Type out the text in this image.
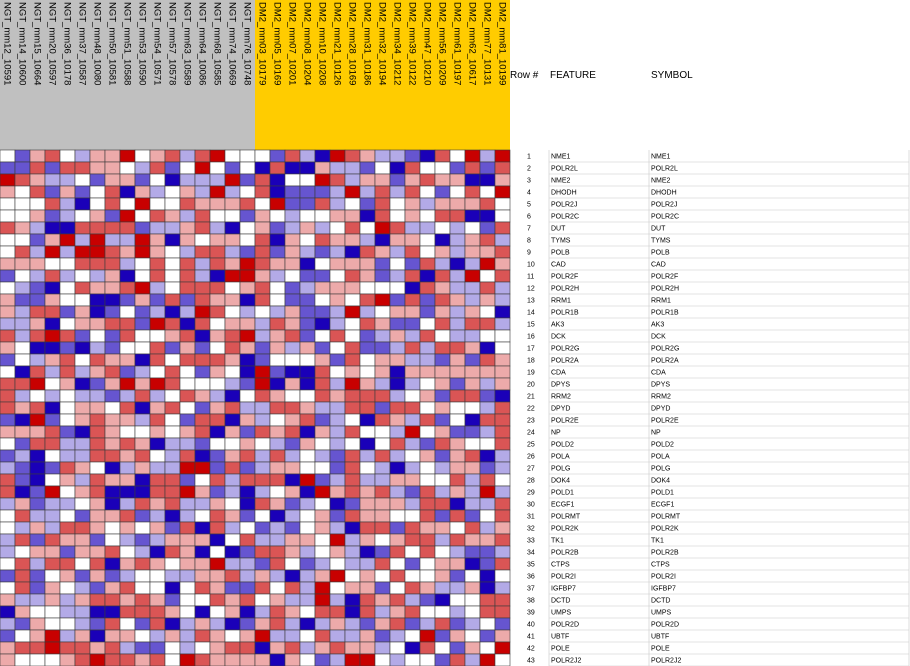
NGT_mm12_10591 NGT_mm14_10600 NGT_mm15_10664 NGT_mm20_10597 NGT_mm36_10178 NGT_mm37_10587 NGT_mm48_10080 NGT_mm50_10581 NGT_mm51_10588 NGT_mm53_10590 NGT_mm54_10571 NGT_mm57_10578 NGT_mm63_10589 NGT_mm64_10086 NGT_mm68_10585 NGT_mm74_10669 NGT_mm76_10748 DM2_mm03_10179 DM2_mm05_10169 DM2_mm07_10201 DM2_mm08_10204 DM2_mm10_10208 DM2_mm21_10126 DM2_mm28_10169 DM2_mm31_10186 DM2_mm32_10194 DM2_mm34_10212 DM2_mm39_10122 DM2_mm47_10210 DM2_mm56_10209 DM2_mm61_10197 DM2_mm62_10617 DM2_mm77_10131 DM2_mm81_10199 Row # FEATURE	SYMBOL
1	NME1	NME1
2	POLR2L	POLR2L
3	NME2	NME2
4	DHODH	DHODH
5	POLR2J	POLR2J
6	POLR2C	POLR2C
7	DUT	DUT
8	TYMS	TYMS
9	POLB	POLB
10 CAD	CAD
11 POLR2F	POLR2F
12 POLR2H	POLR2H
13 RRM1	RRM1
14 POLR1B	POLR1B
15 AK3	AK3
16 DCK	DCK
17 POLR2G	POLR2G
18 POLR2A	POLR2A
19 CDA	CDA
20 DPYS	DPYS
21 RRM2	RRM2
22 DPYD	DPYD
23 POLR2E	POLR2E
24 NP	NP
25 POLD2	POLD2
26 POLA	POLA
27 POLG	POLG
28 DOK4	DOK4
29 POLD1	POLD1
30 ECGF1	ECGF1
31 POLRMT	POLRMT
32 POLR2K	POLR2K
33 TK1	TK1
34 POLR2B	POLR2B
35 CTPS	CTPS
36 POLR2I	POLR2I
37 IGFBP7	IGFBP7
38 DCTD	DCTD
39 UMPS	UMPS
40 POLR2D	POLR2D
41 UBTF	UBTF
42 POLE	POLE
43 POLR2J2	POLR2J2
